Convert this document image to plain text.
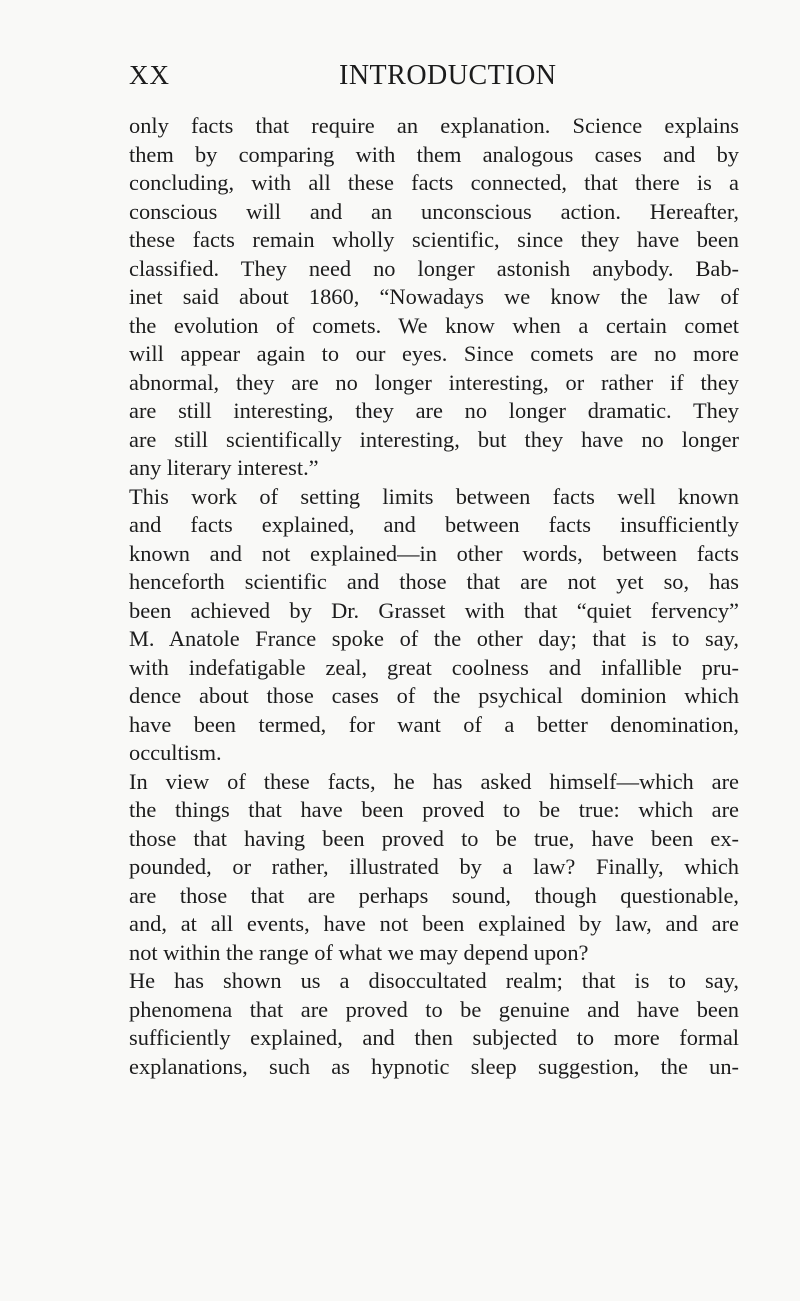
XX	INTRODUCTION
only facts that require an explanation. Science explains
them by comparing with them analogous cases and by
concluding, with all these facts connected, that there is a
conscious will and an unconscious action. Hereafter,
these facts remain wholly scientific, since they have been
classified. They need no longer astonish anybody. Bab-
inet said about 1860, “Nowadays we know the law of
the evolution of comets. We know when a certain comet
will appear again to our eyes. Since comets are no more
abnormal, they are no longer interesting, or rather if they
are still interesting, they are no longer dramatic. They
are still scientifically interesting, but they have no longer
any literary interest.”
This work of setting limits between facts well known
and facts explained, and between facts insufficiently
known and not explained—in other words, between facts
henceforth scientific and those that are not yet so, has
been achieved by Dr. Grasset with that “quiet fervency”
M. Anatole France spoke of the other day; that is to say,
with indefatigable zeal, great coolness and infallible pru-
dence about those cases of the psychical dominion which
have been termed, for want of a better denomination,
occultism.
In view of these facts, he has asked himself—which are
the things that have been proved to be true: which are
those that having been proved to be true, have been ex-
pounded, or rather, illustrated by a law? Finally, which
are those that are perhaps sound, though questionable,
and, at all events, have not been explained by law, and are
not within the range of what we may depend upon?
He has shown us a disoccultated realm; that is to say,
phenomena that are proved to be genuine and have been
sufficiently explained, and then subjected to more formal
explanations, such as hypnotic sleep suggestion, the un-
